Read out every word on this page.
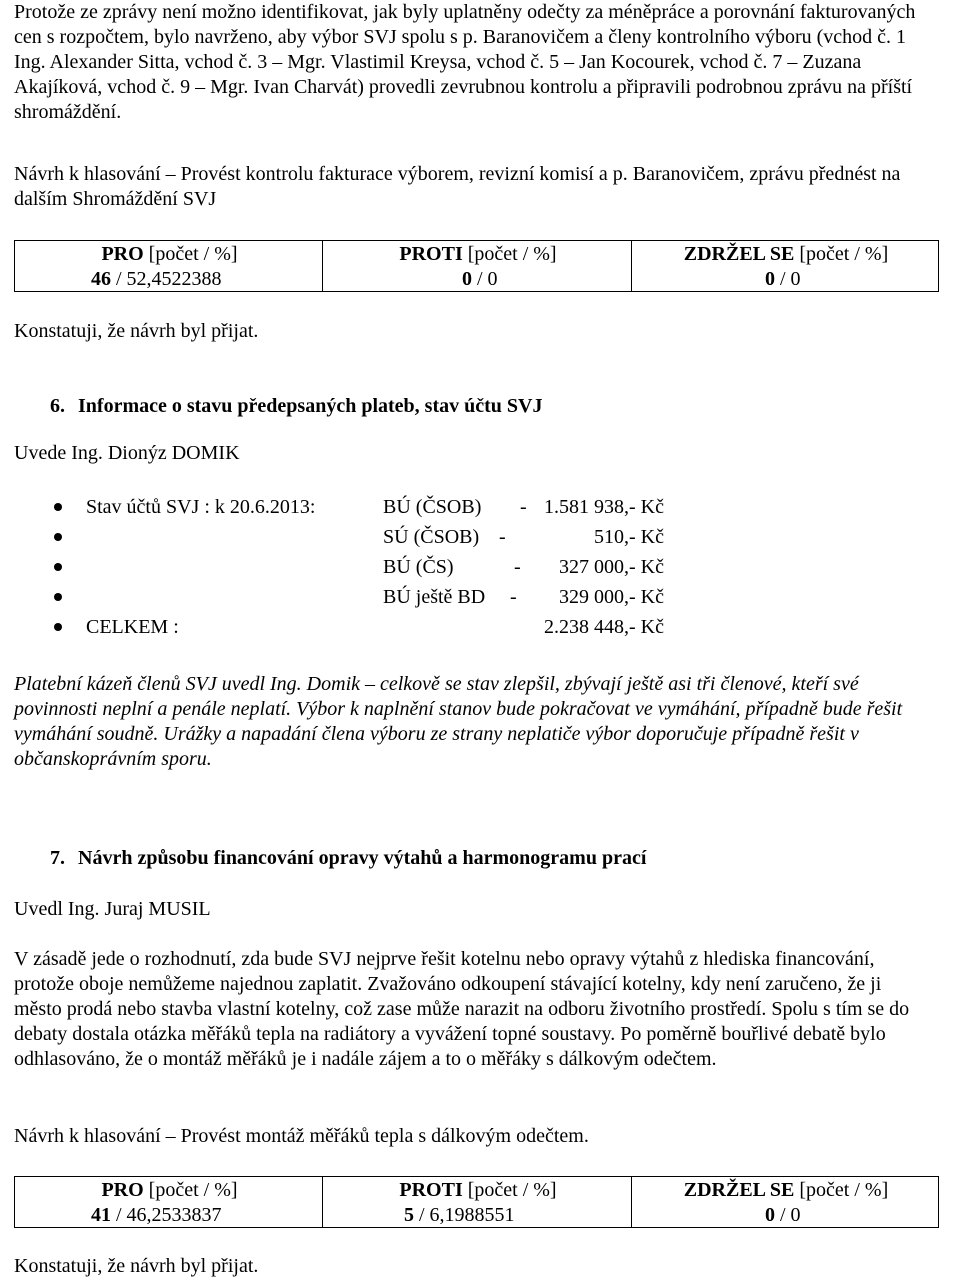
Protože ze zprávy není možno identifikovat, jak byly uplatněny odečty za méněpráce a porovnání fakturovaných cen s rozpočtem, bylo navrženo, aby výbor SVJ spolu s p. Baranovičem a členy kontrolního výboru (vchod č. 1 Ing. Alexander Sitta, vchod č. 3 – Mgr. Vlastimil Kreysa, vchod č. 5 – Jan Kocourek, vchod č. 7 – Zuzana Akajíková, vchod č. 9 – Mgr. Ivan Charvát) provedli zevrubnou kontrolu a připravili podrobnou zprávu na příští shromáždění.

Návrh k hlasování – Provést kontrolu fakturace výborem, revizní komisí a p. Baranovičem, zprávu přednést na dalším Shromáždění SVJ

PRO [počet / %]	PROTI [počet / %]	ZDRŽEL SE [počet / %]
46 / 52,4522388	0 / 0	0 / 0

Konstatuji, že návrh byl přijat.

6. Informace o stavu předepsaných plateb, stav účtu SVJ

Uvede Ing. Dionýz DOMIK

Stav účtů SVJ : k 20.6.2013:	BÚ (ČSOB) - 1.581 938,- Kč
SÚ (ČSOB) -	510,- Kč
BÚ (ČS)	- 327 000,- Kč
BÚ ještě BD - 329 000,- Kč
CELKEM :	2.238 448,- Kč

Platební kázeň členů SVJ uvedl Ing. Domik – celkově se stav zlepšil, zbývají ještě asi tři členové, kteří své povinnosti neplní a penále neplatí. Výbor k naplnění stanov bude pokračovat ve vymáhání, případně bude řešit vymáhání soudně. Urážky a napadání člena výboru ze strany neplatiče výbor doporučuje případně řešit v občanskoprávním sporu.

7. Návrh způsobu financování opravy výtahů a harmonogramu prací

Uvedl Ing. Juraj MUSIL

V zásadě jede o rozhodnutí, zda bude SVJ nejprve řešit kotelnu nebo opravy výtahů z hlediska financování, protože oboje nemůžeme najednou zaplatit. Zvažováno odkoupení stávající kotelny, kdy není zaručeno, že ji město prodá nebo stavba vlastní kotelny, což zase může narazit na odboru životního prostředí. Spolu s tím se do debaty dostala otázka měřáků tepla na radiátory a vyvážení topné soustavy. Po poměrně bouřlivé debatě bylo odhlasováno, že o montáž měřáků je i nadále zájem a to o měřáky s dálkovým odečtem.

Návrh k hlasování – Provést montáž měřáků tepla s dálkovým odečtem.

PRO [počet / %]	PROTI [počet / %]	ZDRŽEL SE [počet / %]
41 / 46,2533837	5 / 6,1988551	0 / 0

Konstatuji, že návrh byl přijat.
